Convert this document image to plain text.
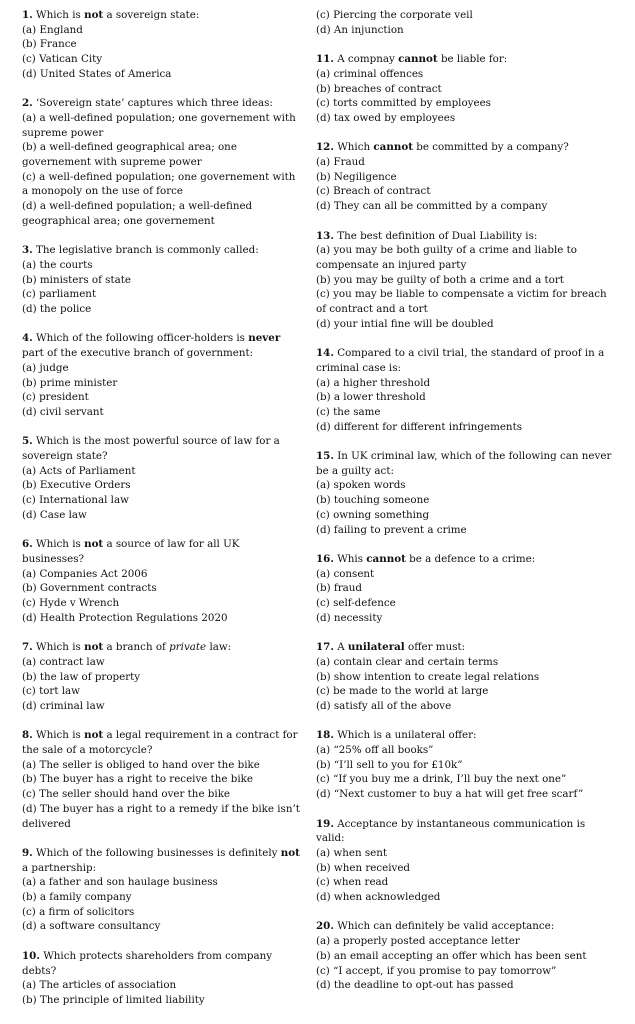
1. Which is not a sovereign state:

(a) England

(b) France

(c) Vatican City

(d) United States of America

2. ‘Sovereign state’ captures which three ideas:

(a) a well-defined population; one governement with supreme power

(b) a well-defined geographical area; one governement with supreme power

(c) a well-defined population; one governement with a monopoly on the use of force

(d) a well-defined population; a well-defined geographical area; one governement

3. The legislative branch is commonly called:

(a) the courts

(b) ministers of state

(c) parliament

(d) the police

4. Which of the following officer-holders is never part of the executive branch of government:

(a) judge

(b) prime minister

(c) president

(d) civil servant

5. Which is the most powerful source of law for a sovereign state?

(a) Acts of Parliament

(b) Executive Orders

(c) International law

(d) Case law

6. Which is not a source of law for all UK businesses?

(a) Companies Act 2006

(b) Government contracts

(c) Hyde v Wrench

(d) Health Protection Regulations 2020

7. Which is not a branch of private law:

(a) contract law

(b) the law of property

(c) tort law

(d) criminal law

8. Which is not a legal requirement in a contract for the sale of a motorcycle?

(a) The seller is obliged to hand over the bike

(b) The buyer has a right to receive the bike

(c) The seller should hand over the bike

(d) The buyer has a right to a remedy if the bike isn’t delivered

9. Which of the following businesses is definitely not a partnership:

(a) a father and son haulage business

(b) a family company

(c) a firm of solicitors

(d) a software consultancy

10. Which protects shareholders from company debts?

(a) The articles of association

(b) The principle of limited liability

(c) Piercing the corporate veil

(d) An injunction

11. A compnay cannot be liable for:

(a) criminal offences

(b) breaches of contract

(c) torts committed by employees

(d) tax owed by employees

12. Which cannot be committed by a company?

(a) Fraud

(b) Negiligence

(c) Breach of contract

(d) They can all be committed by a company

13. The best definition of Dual Liability is:

(a) you may be both guilty of a crime and liable to compensate an injured party

(b) you may be guilty of both a crime and a tort

(c) you may be liable to compensate a victim for breach of contract and a tort

(d) your intial fine will be doubled

14. Compared to a civil trial, the standard of proof in a criminal case is:

(a) a higher threshold

(b) a lower threshold

(c) the same

(d) different for different infringements

15. In UK criminal law, which of the following can never be a guilty act:

(a) spoken words

(b) touching someone

(c) owning something

(d) failing to prevent a crime

16. Whis cannot be a defence to a crime:

(a) consent

(b) fraud

(c) self-defence

(d) necessity

17. A unilateral offer must:

(a) contain clear and certain terms

(b) show intention to create legal relations

(c) be made to the world at large

(d) satisfy all of the above

18. Which is a unilateral offer:

(a) “25% off all books”

(b) “I’ll sell to you for £10k”

(c) “If you buy me a drink, I’ll buy the next one”

(d) “Next customer to buy a hat will get free scarf”

19. Acceptance by instantaneous communication is valid:

(a) when sent

(b) when received

(c) when read

(d) when acknowledged

20. Which can definitely be valid acceptance:

(a) a properly posted acceptance letter

(b) an email accepting an offer which has been sent

(c) “I accept, if you promise to pay tomorrow”

(d) the deadline to opt-out has passed
